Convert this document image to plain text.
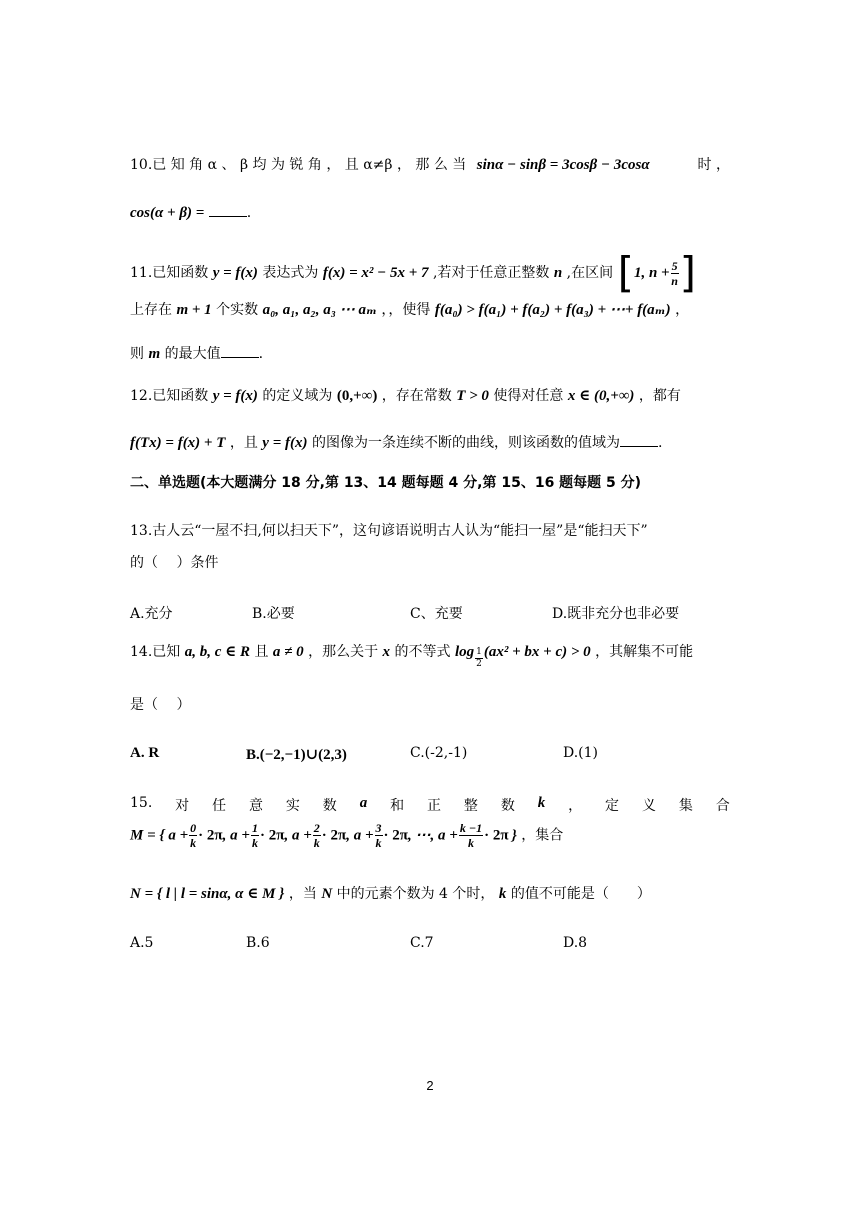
10.已 知 角 α 、 β 均 为 锐 角 ， 且 α≠β ， 那 么 当 sinα − sinβ = 3cosβ − 3cosα	时 ，
cos(α + β) =	.
11.已知函数 y = f(x) 表达式为 f(x) = x² − 5x + 7 ,若对于任意正整数 n ,在区间 [1, $n + \frac{5}{n}$ ]
上存在 m + 1 个实数 a₀, a₁, a₂, a₃ ⋯ aₘ ，，使得 f(a₀) > f(a₁) + f(a₂) + f(a₃) + ⋯+ f(aₘ) ，
则 m 的最大值	.
12.已知函数 y = f(x) 的定义域为 (0,+∞) ，存在常数 T > 0 使得对任意 x ∈ (0,+∞) ，都有
f(Tx) = f(x) + T ，且 y = f(x) 的图像为一条连续不断的曲线，则该函数的值域为	.
二、单选题(本大题满分 18 分,第 13、14 题每题 4 分,第 15、16 题每题 5 分)
13.古人云“一屋不扫,何以扫天下”，这句谚语说明古人认为“能扫一屋”是“能扫天下”
的（　 ）条件
A.充分	B.必要	C、充要	D.既非充分也非必要
14.已知 a, b, c ∈ R 且 a ≠ 0 ，那么关于 x 的不等式 $\log \frac{1}{2} (ax^2$ + bx + c) > 0 ，其解集不可能
是（　 ）
A. R	B.(−2,−1)∪(2,3)	C.(-2,-1)	D.(1)
15. 对 任 意 实 数 a 和 正 整 数 k ， 定 义 集 合
M = { $a + \frac{0}{k} \cdot 2\pi$, $a + \frac{1}{k} \cdot 2\pi$, $a + \frac{2}{k} \cdot 2\pi$, $a + \frac{3}{k} \cdot 2\pi$, ⋯, $a + \frac{k -1}{k} \cdot 2\pi$ } ，集合
N = { l | l = sinα, α ∈ M } ，当 N 中的元素个数为 4 个时， k 的值不可能是（　　）
A.5	B.6	C.7	D.8
2
